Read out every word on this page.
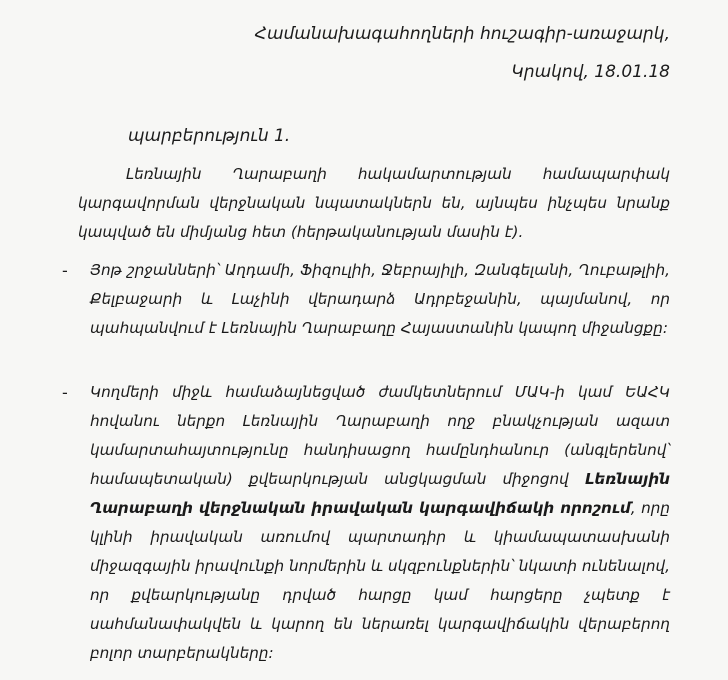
Համանախագահողների հուշագիր-առաջարկ,
Կրակով, 18.01.18
պարբերություն 1.
Լեռնային Ղարաբաղի հակամարտության համապարփակ կարգավորման վերջնական նպատակներն են, այնպես ինչպես նրանք կապված են միմյանց հետ (հերթականության մասին է).
- Յոթ շրջանների՝ Աղդամի, Ֆիզուլիի, Ջեբրայիլի, Զանգելանի, Ղուբաթլիի, Քելբաջարի և Լաչինի վերադարձ Ադրբեջանին, պայմանով, որ պահպանվում է Լեռնային Ղարաբաղը Հայաստանին կապող միջանցքը:
- Կողմերի միջև համաձայնեցված ժամկետներում ՄԱԿ-ի կամ ԵԱՀԿ հովանու ներքո Լեռնային Ղարաբաղի ողջ բնակչության ազատ կամարտահայտությունը հանդիսացող համընդհանուր (անգլերենով՝ համապետական) քվեարկության անցկացման միջոցով Լեռնային Ղարաբաղի վերջնական իրավական կարգավիճակի որոշում, որը կլինի իրավական առումով պարտադիր և կիամապատասխանի միջազգային իրավունքի նորմերին և սկզբունքներին՝ նկատի ունենալով, որ քվեարկությանը դրված հարցը կամ հարցերը չպետք է սահմանափակվեն և կարող են ներառել կարգավիճակին վերաբերող բոլոր տարբերակները:
